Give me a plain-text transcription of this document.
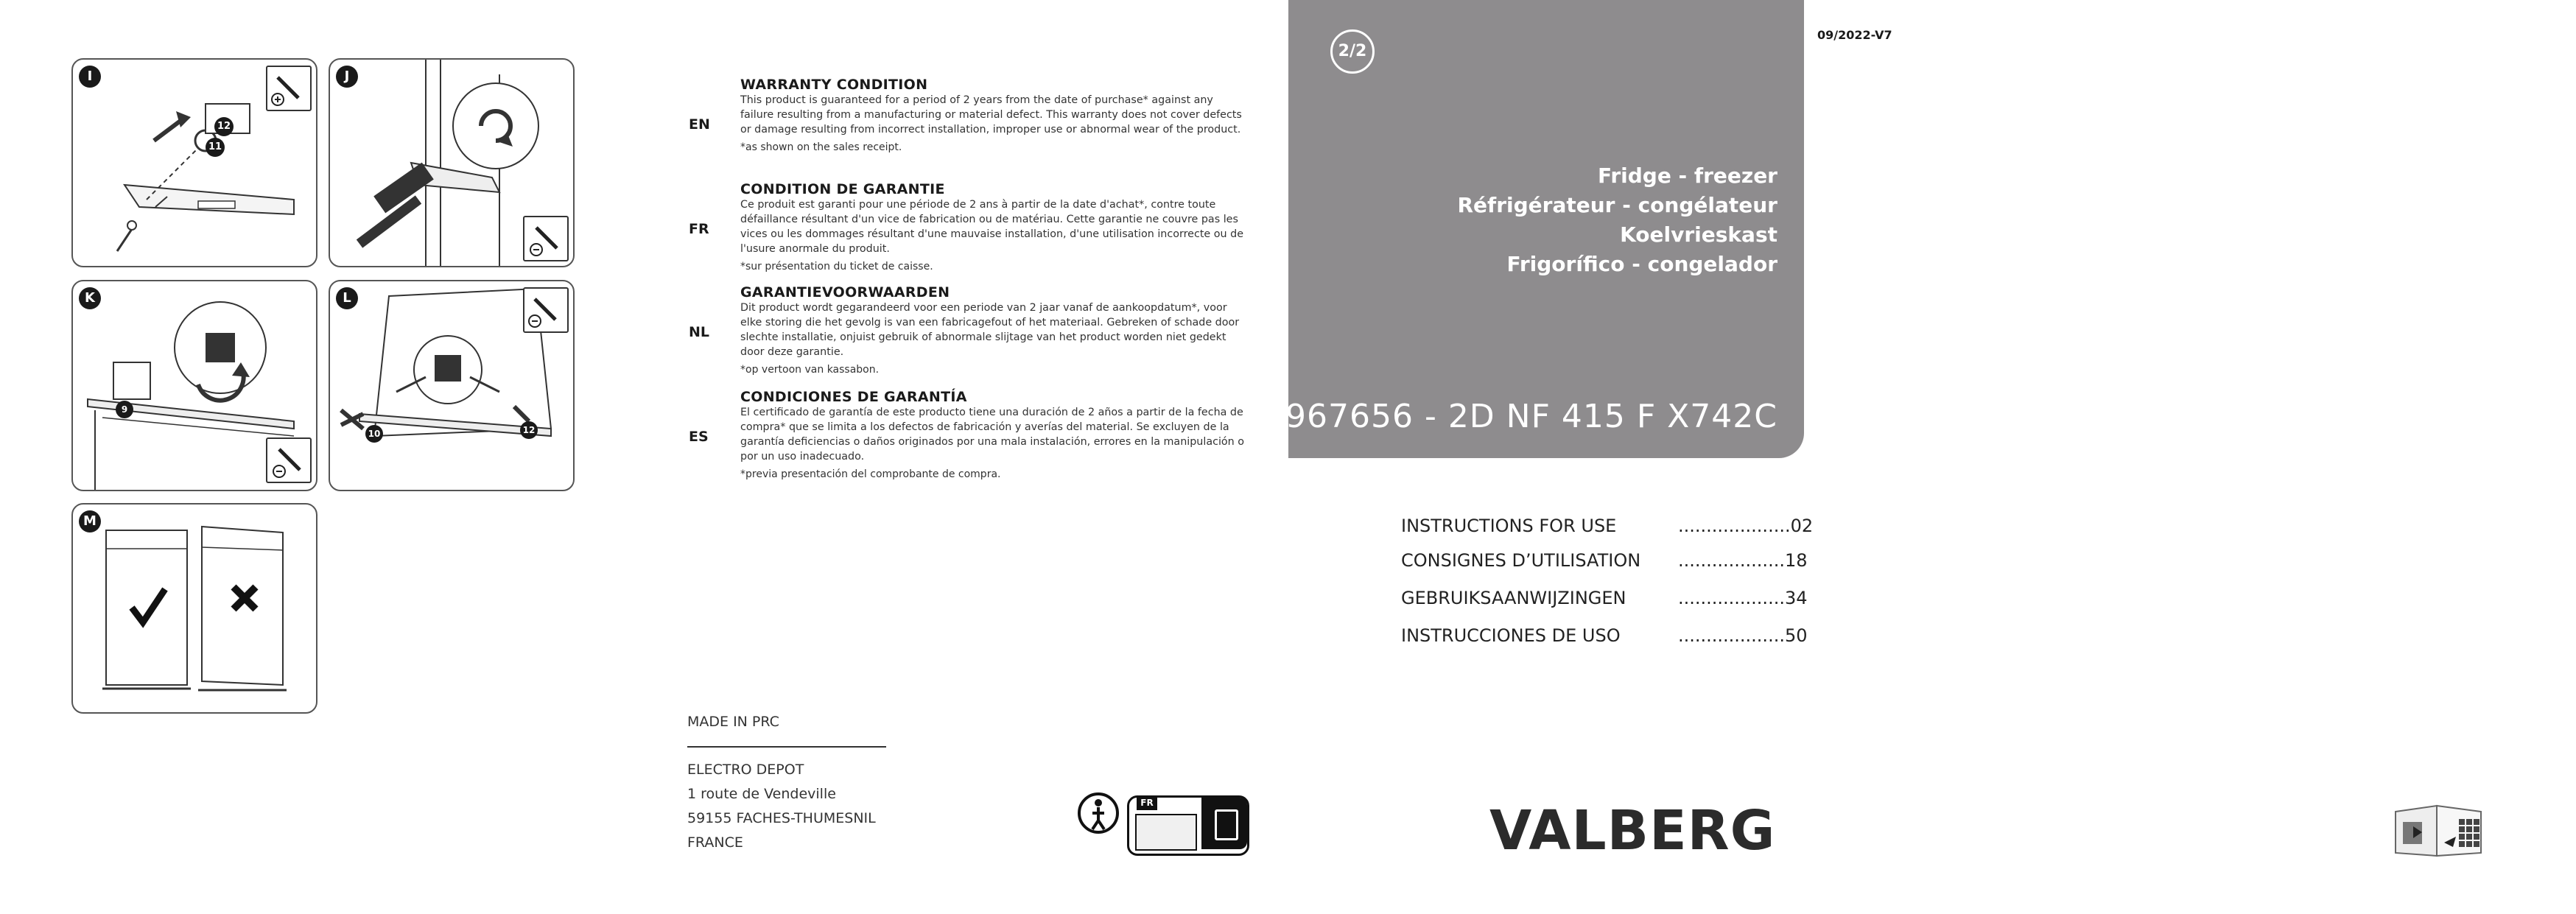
I
12
11
J
K
9
L
10	12
M
EN
WARRANTY CONDITION
This product is guaranteed for a period of 2 years from the date of purchase* against any failure resulting from a manufacturing or material defect. This warranty does not cover defects or damage resulting from incorrect installation, improper use or abnormal wear of the product.
*as shown on the sales receipt.
FR
CONDITION DE GARANTIE
Ce produit est garanti pour une période de 2 ans à partir de la date d'achat*, contre toute défaillance résultant d'un vice de fabrication ou de matériau. Cette garantie ne couvre pas les vices ou les dommages résultant d'une mauvaise installation, d'une utilisation incorrecte ou de l'usure anormale du produit.
*sur présentation du ticket de caisse.
NL
GARANTIEVOORWAARDEN
Dit product wordt gegarandeerd voor een periode van 2 jaar vanaf de aankoopdatum*, voor elke storing die het gevolg is van een fabricagefout of het materiaal. Gebreken of schade door slechte installatie, onjuist gebruik of abnormale slijtage van het product worden niet gedekt door deze garantie.
*op vertoon van kassabon.
ES
CONDICIONES DE GARANTÍA
El certificado de garantía de este producto tiene una duración de 2 años a partir de la fecha de compra* que se limita a los defectos de fabricación y averías del material. Se excluyen de la garantía deficiencias o daños originados por una mala instalación, errores en la manipulación o por un uso inadecuado.
*previa presentación del comprobante de compra.
MADE IN PRC
ELECTRO DEPOT
1 route de Vendeville
59155 FACHES-THUMESNIL
FRANCE
FR
2/2
Fridge - freezer
Réfrigérateur - congélateur
Koelvrieskast
Frigorífico - congelador
967656 - 2D NF 415 F X742C
09/2022-V7
INSTRUCTIONS FOR USE	....................02
CONSIGNES D’UTILISATION ...................18
GEBRUIKSAANWIJZINGEN	...................34
INSTRUCCIONES DE USO	...................50
VALBERG
